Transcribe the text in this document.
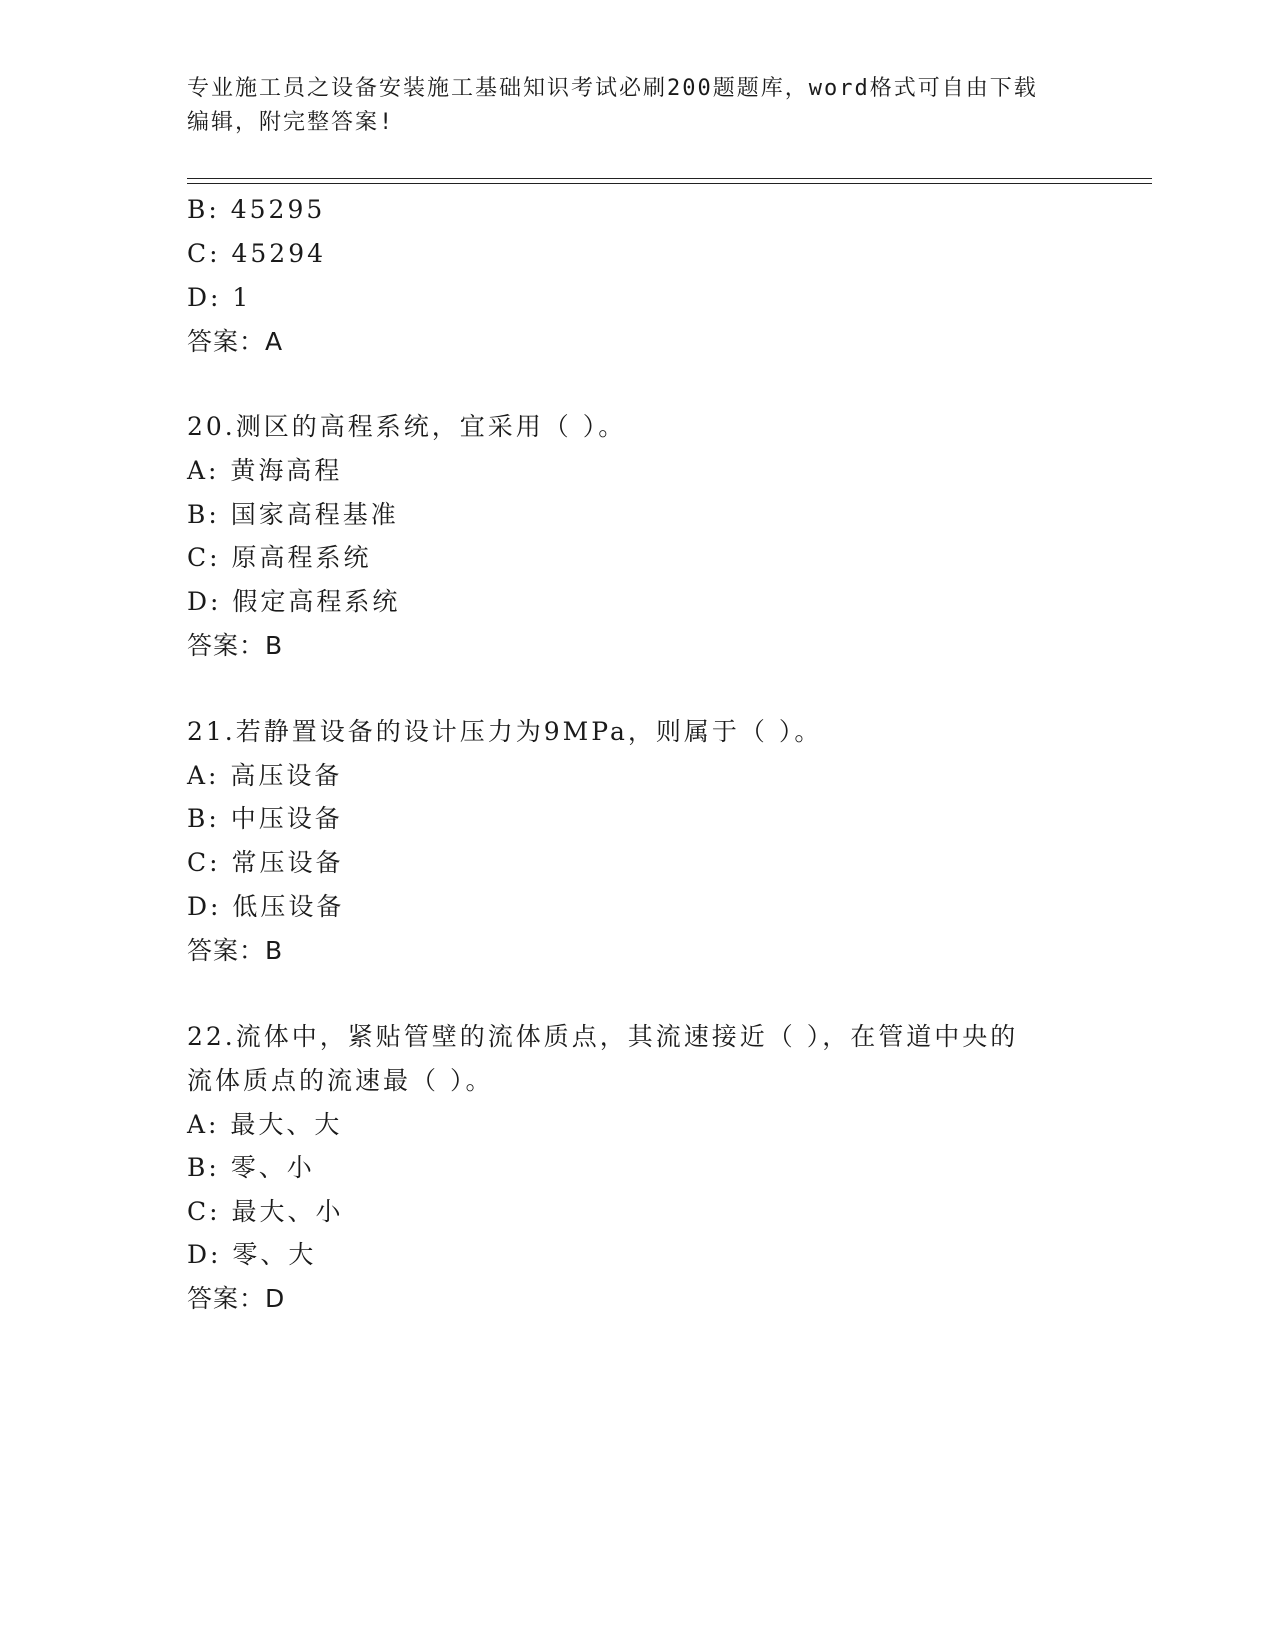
专业施工员之设备安装施工基础知识考试必刷200题题库，word格式可自由下载
编辑，附完整答案!
B: 45295
C: 45294
D: 1
答案：A
20.测区的高程系统，宜采用（ ）。
A: 黄海高程
B: 国家高程基准
C: 原高程系统
D: 假定高程系统
答案：B
21.若静置设备的设计压力为9MPa，则属于（ ）。
A: 高压设备
B: 中压设备
C: 常压设备
D: 低压设备
答案：B
22.流体中，紧贴管壁的流体质点，其流速接近（ ），在管道中央的
流体质点的流速最（ ）。
A: 最大、大
B: 零、小
C: 最大、小
D: 零、大
答案：D
